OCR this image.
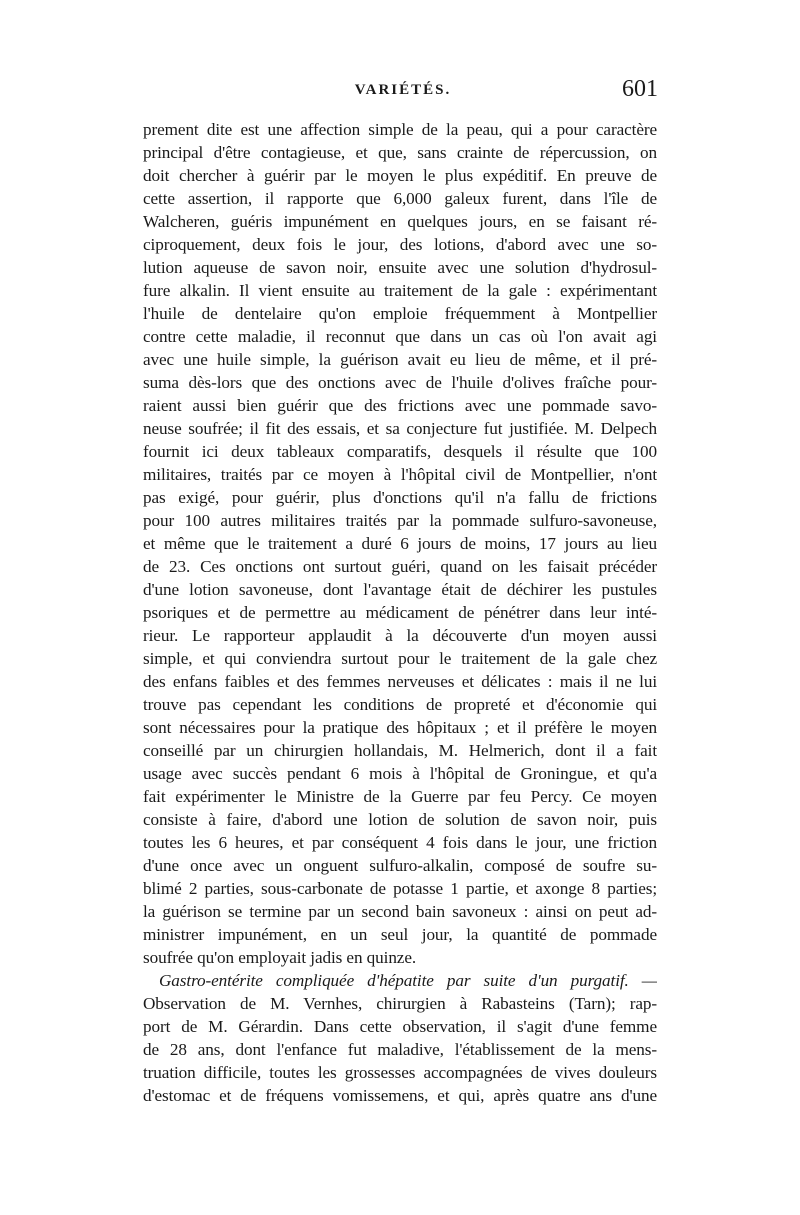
VARIÉTÉS.	601
prement dite est une affection simple de la peau, qui a pour caractère
principal d'être contagieuse, et que, sans crainte de répercussion, on
doit chercher à guérir par le moyen le plus expéditif. En preuve de
cette assertion, il rapporte que 6,000 galeux furent, dans l'île de
Walcheren, guéris impunément en quelques jours, en se faisant ré-
ciproquement, deux fois le jour, des lotions, d'abord avec une so-
lution aqueuse de savon noir, ensuite avec une solution d'hydrosul-
fure alkalin. Il vient ensuite au traitement de la gale : expérimentant
l'huile de dentelaire qu'on emploie fréquemment à Montpellier
contre cette maladie, il reconnut que dans un cas où l'on avait agi
avec une huile simple, la guérison avait eu lieu de même, et il pré-
suma dès-lors que des onctions avec de l'huile d'olives fraîche pour-
raient aussi bien guérir que des frictions avec une pommade savo-
neuse soufrée; il fit des essais, et sa conjecture fut justifiée. M. Delpech
fournit ici deux tableaux comparatifs, desquels il résulte que 100
militaires, traités par ce moyen à l'hôpital civil de Montpellier, n'ont
pas exigé, pour guérir, plus d'onctions qu'il n'a fallu de frictions
pour 100 autres militaires traités par la pommade sulfuro-savoneuse,
et même que le traitement a duré 6 jours de moins, 17 jours au lieu
de 23. Ces onctions ont surtout guéri, quand on les faisait précéder
d'une lotion savoneuse, dont l'avantage était de déchirer les pustules
psoriques et de permettre au médicament de pénétrer dans leur inté-
rieur. Le rapporteur applaudit à la découverte d'un moyen aussi
simple, et qui conviendra surtout pour le traitement de la gale chez
des enfans faibles et des femmes nerveuses et délicates : mais il ne lui
trouve pas cependant les conditions de propreté et d'économie qui
sont nécessaires pour la pratique des hôpitaux ; et il préfère le moyen
conseillé par un chirurgien hollandais, M. Helmerich, dont il a fait
usage avec succès pendant 6 mois à l'hôpital de Groningue, et qu'a
fait expérimenter le Ministre de la Guerre par feu Percy. Ce moyen
consiste à faire, d'abord une lotion de solution de savon noir, puis
toutes les 6 heures, et par conséquent 4 fois dans le jour, une friction
d'une once avec un onguent sulfuro-alkalin, composé de soufre su-
blimé 2 parties, sous-carbonate de potasse 1 partie, et axonge 8 parties;
la guérison se termine par un second bain savoneux : ainsi on peut ad-
ministrer impunément, en un seul jour, la quantité de pommade
soufrée qu'on employait jadis en quinze.
Gastro-entérite compliquée d'hépatite par suite d'un purgatif. —
Observation de M. Vernhes, chirurgien à Rabasteins (Tarn); rap-
port de M. Gérardin. Dans cette observation, il s'agit d'une femme
de 28 ans, dont l'enfance fut maladive, l'établissement de la mens-
truation difficile, toutes les grossesses accompagnées de vives douleurs
d'estomac et de fréquens vomissemens, et qui, après quatre ans d'une
